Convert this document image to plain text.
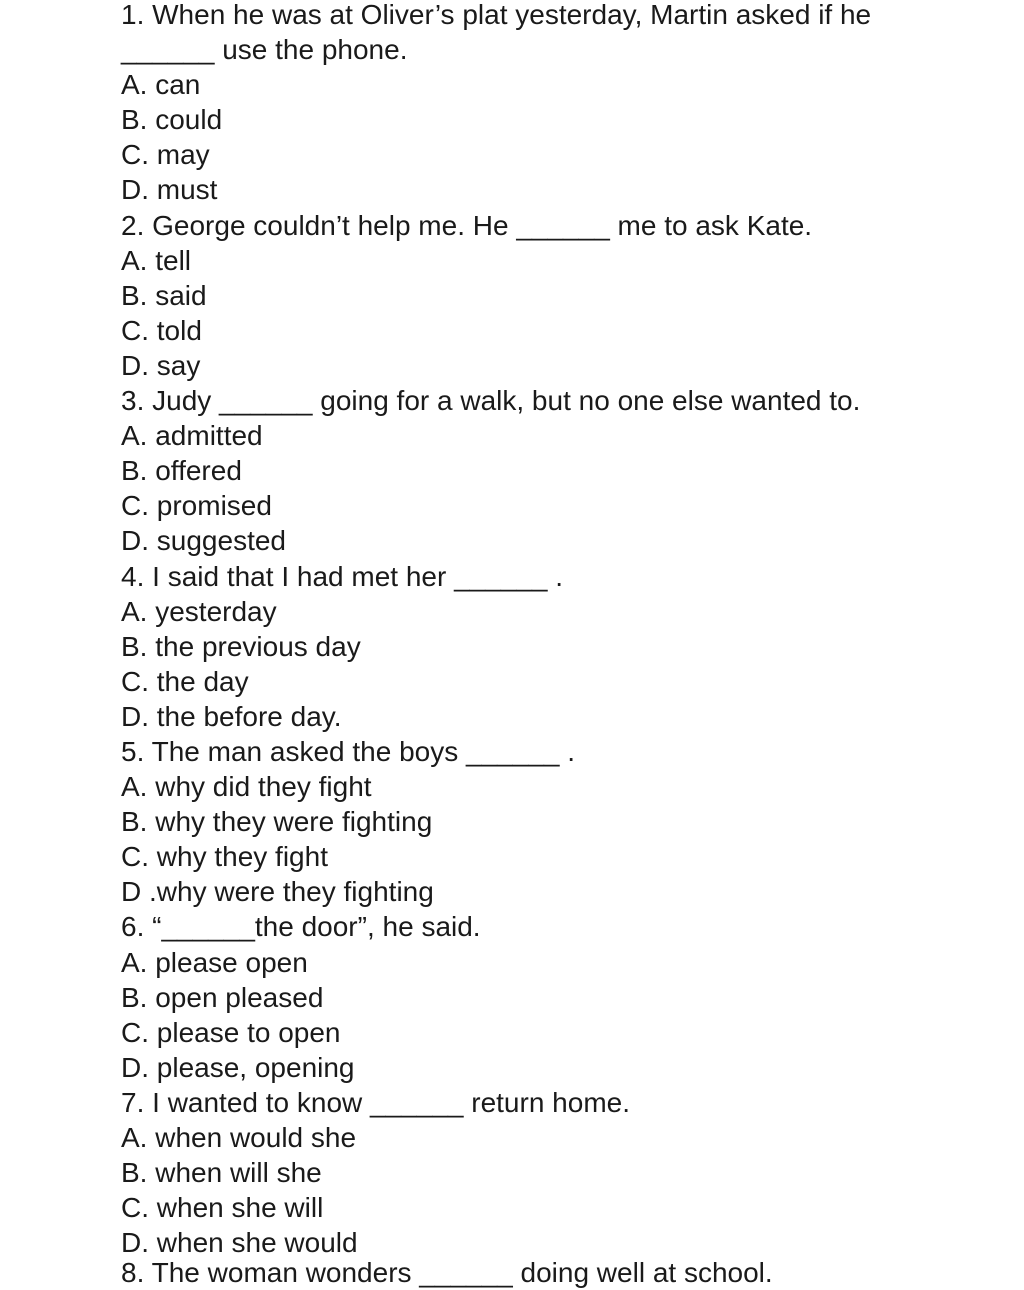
1. When he was at Oliver’s plat yesterday, Martin asked if he

______ use the phone.

A. can

B. could

C. may

D. must

2. George couldn’t help me. He ______ me to ask Kate.

A. tell

B. said

C. told

D. say

3. Judy ______ going for a walk, but no one else wanted to.

A. admitted

B. offered

C. promised

D. suggested

4. I said that I had met her ______ .

A. yesterday

B. the previous day

C. the day

D. the before day.

5. The man asked the boys ______ .

A. why did they fight

B. why they were fighting

C. why they fight

D .why were they fighting

6. “______the door”, he said.

A. please open

B. open pleased

C. please to open

D. please, opening

7. I wanted to know ______ return home.

A. when would she

B. when will she

C. when she will

D. when she would

8. The woman wonders ______ doing well at school.
